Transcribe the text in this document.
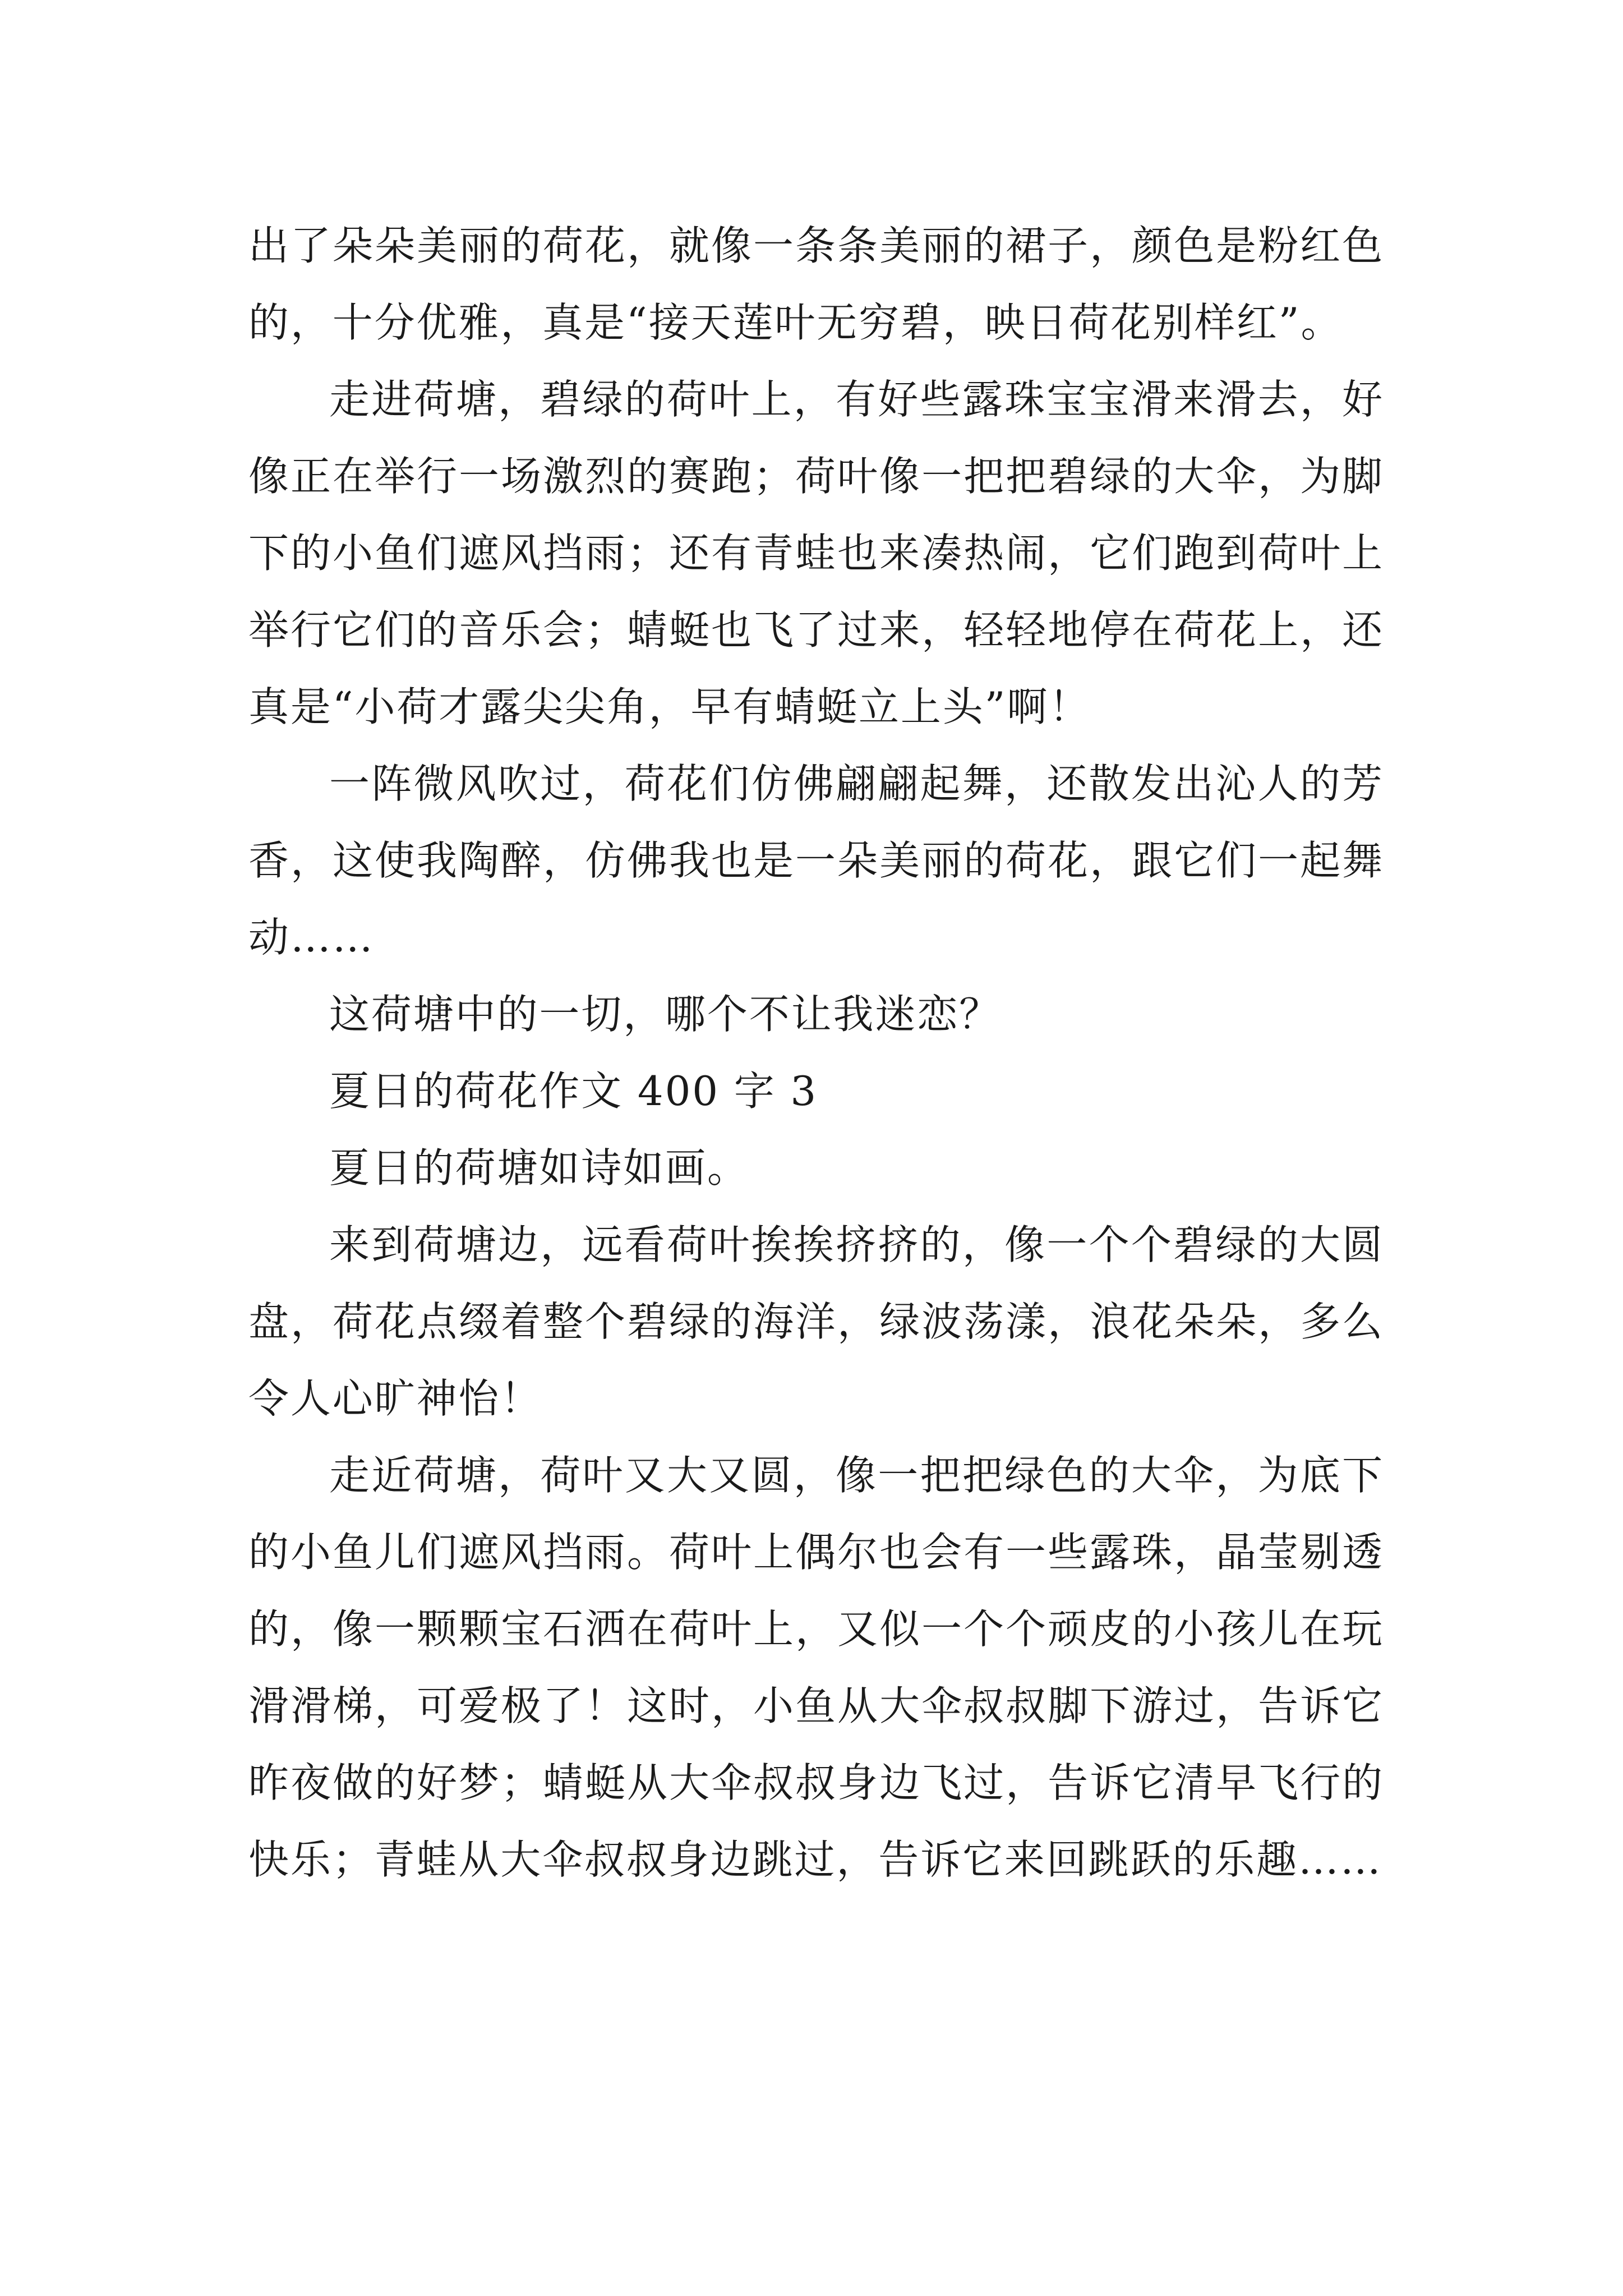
出了朵朵美丽的荷花，就像一条条美丽的裙子，颜色是粉红色的，十分优雅，真是“接天莲叶无穷碧，映日荷花别样红”。

走进荷塘，碧绿的荷叶上，有好些露珠宝宝滑来滑去，好像正在举行一场激烈的赛跑；荷叶像一把把碧绿的大伞，为脚下的小鱼们遮风挡雨；还有青蛙也来凑热闹，它们跑到荷叶上举行它们的音乐会；蜻蜓也飞了过来，轻轻地停在荷花上，还真是“小荷才露尖尖角，早有蜻蜓立上头”啊！

一阵微风吹过，荷花们仿佛翩翩起舞，还散发出沁人的芳香，这使我陶醉，仿佛我也是一朵美丽的荷花，跟它们一起舞动……

这荷塘中的一切，哪个不让我迷恋？

夏日的荷花作文 400 字 3

夏日的荷塘如诗如画。

来到荷塘边，远看荷叶挨挨挤挤的，像一个个碧绿的大圆盘，荷花点缀着整个碧绿的海洋，绿波荡漾，浪花朵朵，多么令人心旷神怡！

走近荷塘，荷叶又大又圆，像一把把绿色的大伞，为底下的小鱼儿们遮风挡雨。荷叶上偶尔也会有一些露珠，晶莹剔透的，像一颗颗宝石洒在荷叶上，又似一个个顽皮的小孩儿在玩滑滑梯，可爱极了！这时，小鱼从大伞叔叔脚下游过，告诉它昨夜做的好梦；蜻蜓从大伞叔叔身边飞过，告诉它清早飞行的快乐；青蛙从大伞叔叔身边跳过，告诉它来回跳跃的乐趣……
